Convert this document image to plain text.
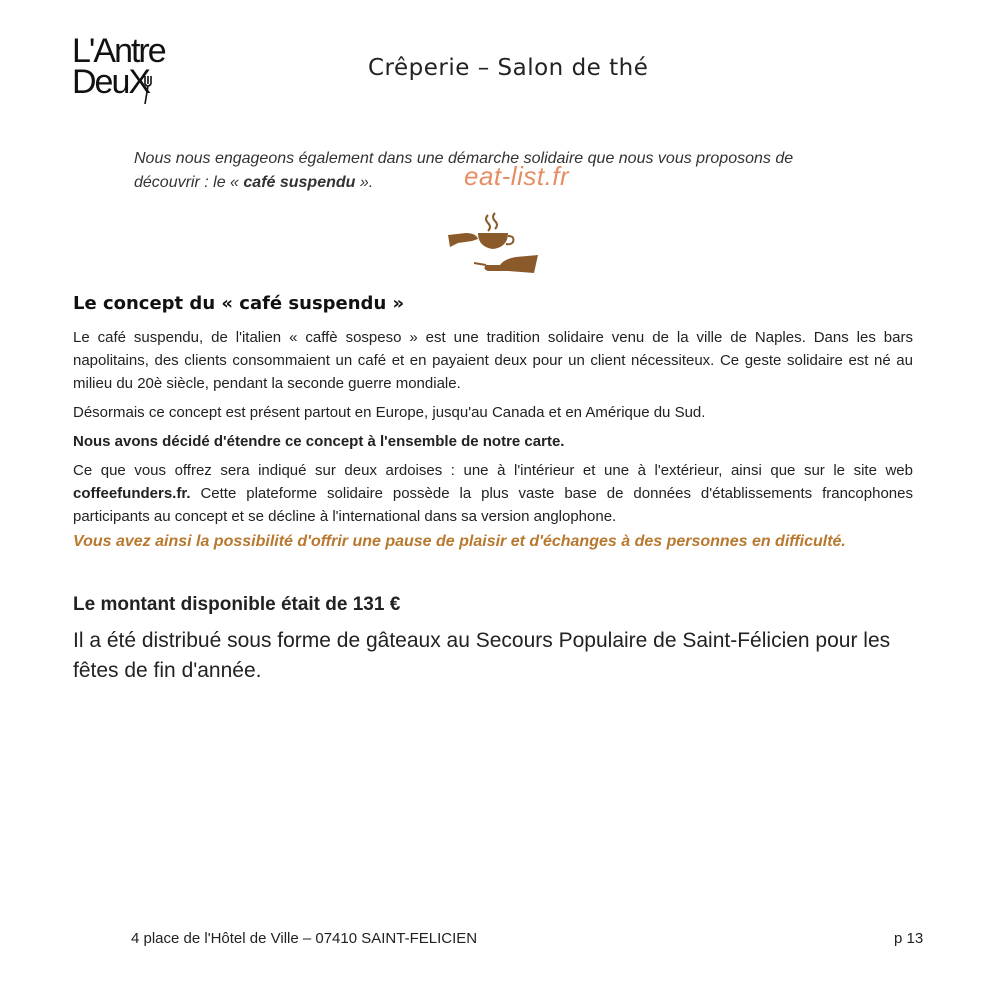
L'Antre
DeuX	Crêperie – Salon de thé
Nous nous engageons également dans une démarche solidaire que nous vous proposons de découvrir : le « café suspendu ».	eat-list.fr
Le concept du « café suspendu »

Le café suspendu, de l'italien « caffè sospeso » est une tradition solidaire venu de la ville de Naples. Dans les bars napolitains, des clients consommaient un café et en payaient deux pour un client nécessiteux. Ce geste solidaire est né au milieu du 20è siècle, pendant la seconde guerre mondiale.

Désormais ce concept est présent partout en Europe, jusqu'au Canada et en Amérique du Sud.

Nous avons décidé d'étendre ce concept à l'ensemble de notre carte.

Ce que vous offrez sera indiqué sur deux ardoises : une à l'intérieur et une à l'extérieur, ainsi que sur le site web coffeefunders.fr. Cette plateforme solidaire possède la plus vaste base de données d'établissements francophones participants au concept et se décline à l'international dans sa version anglophone.

Vous avez ainsi la possibilité d'offrir une pause de plaisir et d'échanges à des personnes en difficulté.
Le montant disponible était de 131 €
Il a été distribué sous forme de gâteaux au Secours Populaire de Saint-Félicien pour les fêtes de fin d'année.
4 place de l'Hôtel de Ville – 07410 SAINT-FELICIEN	p 13
